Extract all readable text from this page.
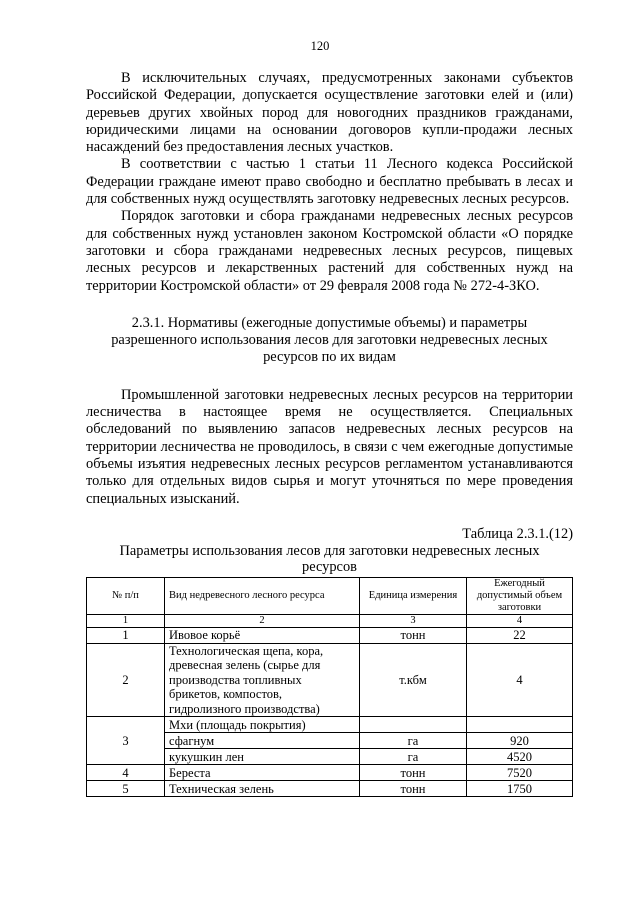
120

В исключительных случаях, предусмотренных законами субъектов Российской Федерации, допускается осуществление заготовки елей и (или) деревьев других хвойных пород для новогодних праздников гражданами, юридическими лицами на основании договоров купли-продажи лесных насаждений без предоставления лесных участков.

В соответствии с частью 1 статьи 11 Лесного кодекса Российской Федерации граждане имеют право свободно и бесплатно пребывать в лесах и для собственных нужд осуществлять заготовку недревесных лесных ресурсов.

Порядок заготовки и сбора гражданами недревесных лесных ресурсов для собственных нужд установлен законом Костромской области «О порядке заготовки и сбора гражданами недревесных лесных ресурсов, пищевых лесных ресурсов и лекарственных растений для собственных нужд на территории Костромской области» от 29 февраля 2008 года № 272-4-ЗКО.

2.3.1. Нормативы (ежегодные допустимые объемы) и параметры разрешенного использования лесов для заготовки недревесных лесных ресурсов по их видам

Промышленной заготовки недревесных лесных ресурсов на территории лесничества в настоящее время не осуществляется. Специальных обследований по выявлению запасов недревесных лесных ресурсов на территории лесничества не проводилось, в связи с чем ежегодные допустимые объемы изъятия недревесных лесных ресурсов регламентом устанавливаются только для отдельных видов сырья и могут уточняться по мере проведения специальных изысканий.

Таблица 2.3.1.(12)

Параметры использования лесов для заготовки недревесных лесных ресурсов

№ п/п	Вид недревесного лесного ресурса	Единица измерения	Ежегодный допустимый объем заготовки
1	2	3	4
1	Ивовое корьё	тонн	22
2	Технологическая щепа, кора, древесная зелень (сырье для производства топливных брикетов, компостов, гидролизного производства)	т.кбм	4
3	Мхи (площадь покрытия)		
	сфагнум	га	920
	кукушкин лен	га	4520
4	Береста	тонн	7520
5	Техническая зелень	тонн	1750
